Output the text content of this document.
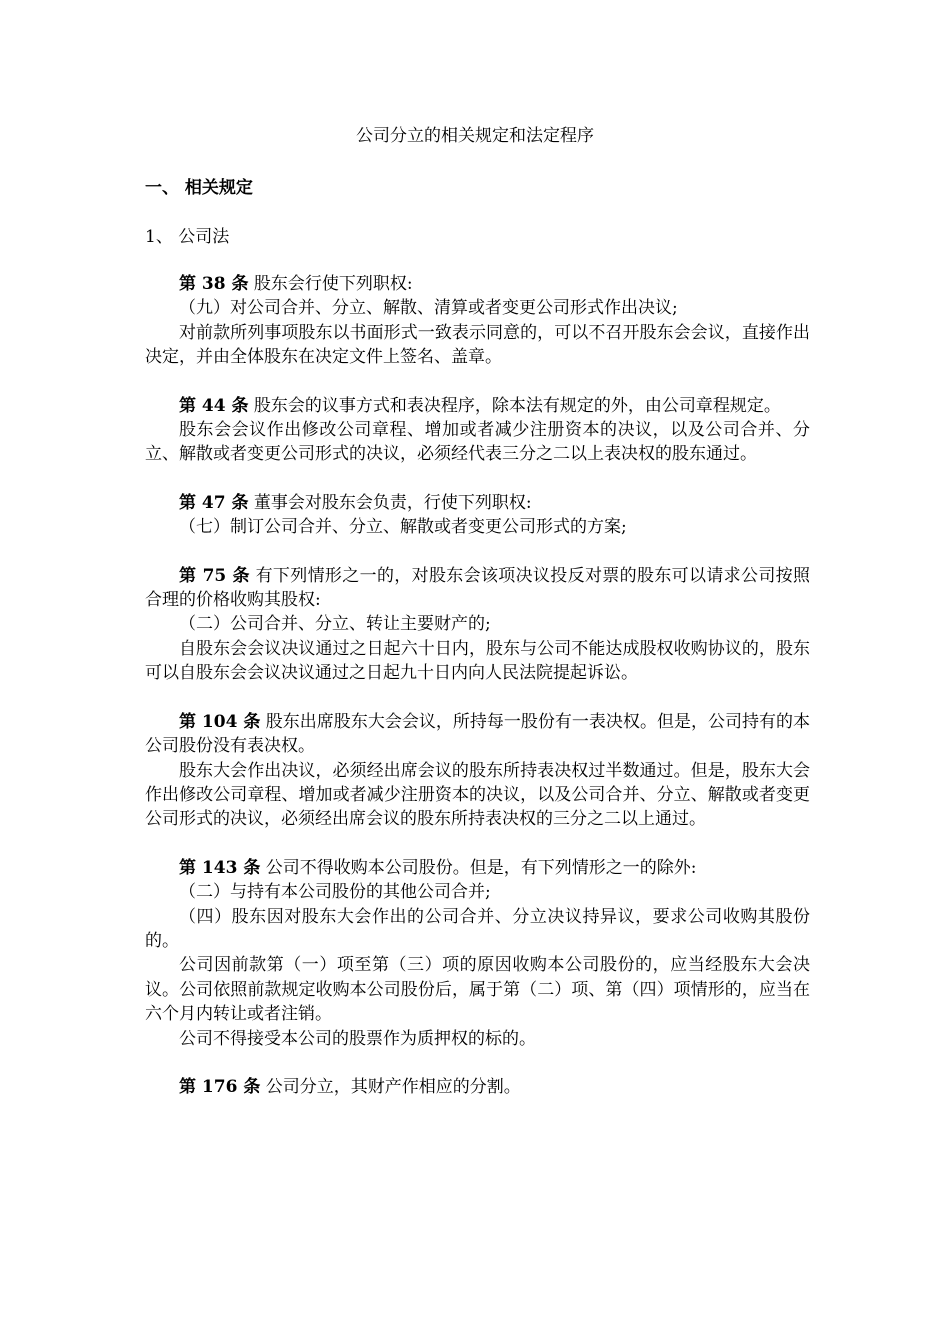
公司分立的相关规定和法定程序
一、 相关规定
1、 公司法

第 38 条 股东会行使下列职权:

（九）对公司合并、分立、解散、清算或者变更公司形式作出决议;

对前款所列事项股东以书面形式一致表示同意的，可以不召开股东会会议，直接作出决定，并由全体股东在决定文件上签名、盖章。

第 44 条 股东会的议事方式和表决程序，除本法有规定的外，由公司章程规定。

股东会会议作出修改公司章程、增加或者减少注册资本的决议，以及公司合并、分立、解散或者变更公司形式的决议，必须经代表三分之二以上表决权的股东通过。

第 47 条 董事会对股东会负责，行使下列职权:

（七）制订公司合并、分立、解散或者变更公司形式的方案;

第 75 条 有下列情形之一的，对股东会该项决议投反对票的股东可以请求公司按照合理的价格收购其股权:

（二）公司合并、分立、转让主要财产的;

自股东会会议决议通过之日起六十日内，股东与公司不能达成股权收购协议的，股东可以自股东会会议决议通过之日起九十日内向人民法院提起诉讼。

第 104 条 股东出席股东大会会议，所持每一股份有一表决权。但是，公司持有的本公司股份没有表决权。

股东大会作出决议，必须经出席会议的股东所持表决权过半数通过。但是，股东大会作出修改公司章程、增加或者减少注册资本的决议，以及公司合并、分立、解散或者变更公司形式的决议，必须经出席会议的股东所持表决权的三分之二以上通过。

第 143 条 公司不得收购本公司股份。但是，有下列情形之一的除外:

（二）与持有本公司股份的其他公司合并;

（四）股东因对股东大会作出的公司合并、分立决议持异议，要求公司收购其股份的。

公司因前款第（一）项至第（三）项的原因收购本公司股份的，应当经股东大会决议。公司依照前款规定收购本公司股份后，属于第（二）项、第（四）项情形的，应当在六个月内转让或者注销。

公司不得接受本公司的股票作为质押权的标的。

第 176 条 公司分立，其财产作相应的分割。
